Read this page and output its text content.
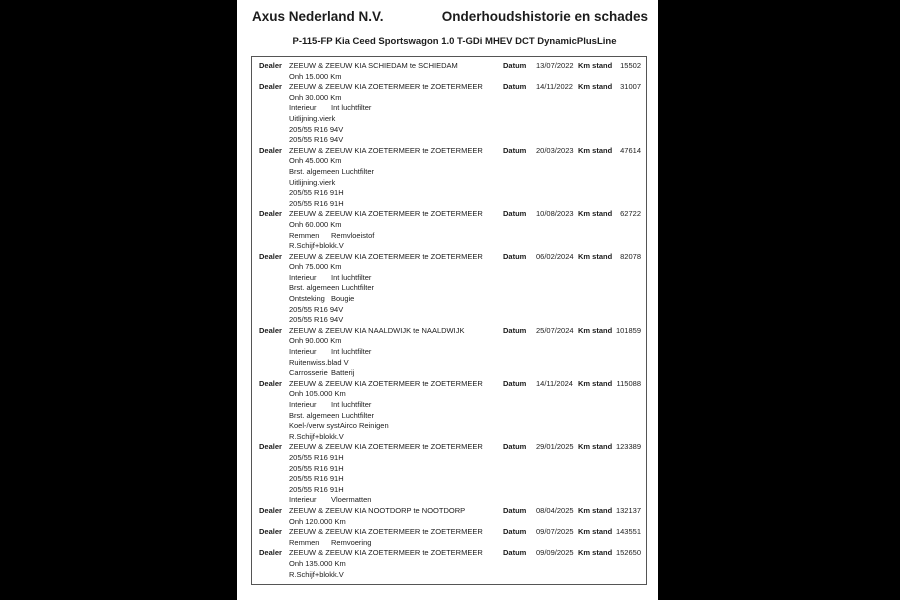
Axus Nederland N.V.	Onderhoudshistorie en schades
P-115-FP Kia Ceed Sportswagon 1.0 T-GDi MHEV DCT DynamicPlusLine
Dealer ZEEUW & ZEEUW KIA SCHIEDAM te SCHIEDAM	Datum 13/07/2022 Km stand 15502
Onh 15.000 Km
Dealer ZEEUW & ZEEUW KIA ZOETERMEER te ZOETERMEER	Datum 14/11/2022 Km stand 31007
Onh 30.000 Km
Interieur Int luchtfilter
Uitlijning.vierk
205/55 R16 94V
205/55 R16 94V
Dealer ZEEUW & ZEEUW KIA ZOETERMEER te ZOETERMEER	Datum 20/03/2023 Km stand 47614
Onh 45.000 Km
Brst. algemeen Luchtfilter
Uitlijning.vierk
205/55 R16 91H
205/55 R16 91H
Dealer ZEEUW & ZEEUW KIA ZOETERMEER te ZOETERMEER	Datum 10/08/2023 Km stand 62722
Onh 60.000 Km
Remmen Remvloeistof
R.Schijf+blokk.V
Dealer ZEEUW & ZEEUW KIA ZOETERMEER te ZOETERMEER	Datum 06/02/2024 Km stand 82078
Onh 75.000 Km
Interieur Int luchtfilter
Brst. algemeen Luchtfilter
Ontsteking Bougie
205/55 R16 94V
205/55 R16 94V
Dealer ZEEUW & ZEEUW KIA NAALDWIJK te NAALDWIJK	Datum 25/07/2024 Km stand 101859
Onh 90.000 Km
Interieur Int luchtfilter
Ruitenwiss.blad V
Carrosserie Batterij
Dealer ZEEUW & ZEEUW KIA ZOETERMEER te ZOETERMEER	Datum 14/11/2024 Km stand 115088
Onh 105.000 Km
Interieur Int luchtfilter
Brst. algemeen Luchtfilter
Koel-/verw systAirco Reinigen
R.Schijf+blokk.V
Dealer ZEEUW & ZEEUW KIA ZOETERMEER te ZOETERMEER	Datum 29/01/2025 Km stand 123389
205/55 R16 91H
205/55 R16 91H
205/55 R16 91H
205/55 R16 91H
Interieur Vloermatten
Dealer ZEEUW & ZEEUW KIA NOOTDORP te NOOTDORP	Datum 08/04/2025 Km stand 132137
Onh 120.000 Km
Dealer ZEEUW & ZEEUW KIA ZOETERMEER te ZOETERMEER	Datum 09/07/2025 Km stand 143551
Remmen Remvoering
Dealer ZEEUW & ZEEUW KIA ZOETERMEER te ZOETERMEER	Datum 09/09/2025 Km stand 152650
Onh 135.000 Km
R.Schijf+blokk.V
